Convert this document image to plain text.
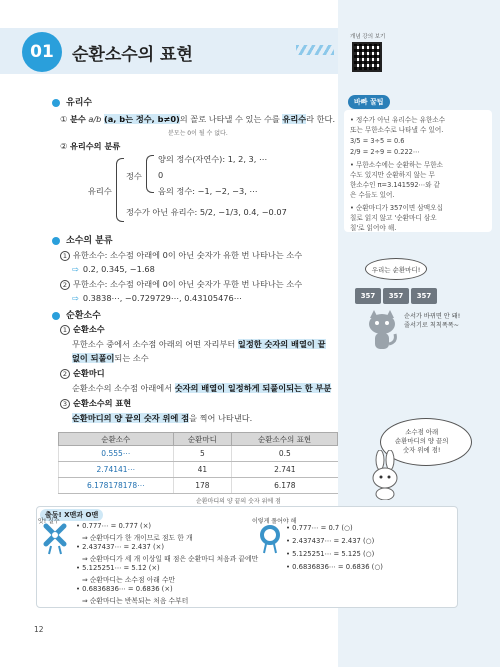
01	순환소수의 표현
개념 강의 보기
유리수
① 분수 a/b (a, b는 정수, b≠0)의 꼴로 나타낼 수 있는 수를 유리수라 한다.
분모는 0이 될 수 없다.
② 유리수의 분류
유리수
정수
양의 정수(자연수): 1, 2, 3, ⋯
0
음의 정수: −1, −2, −3, ⋯
정수가 아닌 유리수: 5/2, −1/3, 0.4, −0.07
소수의 분류
1 유한소수: 소수점 아래에 0이 아닌 숫자가 유한 번 나타나는 소수
⇨ 0.2, 0.345, −1.68
2 무한소수: 소수점 아래에 0이 아닌 숫자가 무한 번 나타나는 소수
⇨ 0.3838⋯, −0.729729⋯, 0.43105476⋯
순환소수
1 순환소수
무한소수 중에서 소수점 아래의 어떤 자리부터 일정한 숫자의 배열이 끝
없이 되풀이되는 소수
2 순환마디
순환소수의 소수점 아래에서 숫자의 배열이 일정하게 되풀이되는 한 부분
3 순환소수의 표현
순환마디의 양 끝의 숫자 위에 점을 찍어 나타낸다.
순환소수	순환마디	순환소수의 표현
0.555⋯	5	0.5̇
2.74141⋯	41	2.74̇1̇
6.178178178⋯	178	6.1̇78̇
순환마디의 양 끝의 숫자 위에 점
바빠 꿀팁
• 정수가 아닌 유리수는 유한소수
또는 무한소수로 나타낼 수 있어.
3/5 = 3÷5 = 0.6
2/9 = 2÷9 = 0.222⋯
• 무한소수에는 순환하는 무한소
수도 있지만 순환하지 않는 무
한소수인 π=3.141592⋯와 같
은 수들도 있어.
• 순환마디가 357이면 삼맥오십
칠로 읽지 않고 '순환마디 삼오
칠'로 읽어야 해.
우리는 순환마디!
357	357	357
순서가 바뀌면 안 돼!
줄서기로 칙칙폭폭~
소수점 아래
순환마디의 양 끝의
숫자 위에 점!
출동! X맨과 O맨
앗! 실수
• 0.777⋯ = 0.7̇7̇7̇ (×)
⇒ 순환마디가 한 개이므로 점도 한 개
• 2.437437⋯ = 2.4̇37̇ (×)
⇒ 순환마디가 세 개 이상일 때 점은 순환마디 처음과 끝에만
• 5.125251⋯ = 5.1̇2̇ (×)
⇒ 순환마디는 소수점 아래 수만
• 0.6836836⋯ = 0.6̇83̇6 (×)
⇒ 순환마디는 반복되는 처음 수부터
이렇게 풀어야 해
• 0.777⋯ = 0.7̇ (○)
• 2.437437⋯ = 2.4̇37̇ (○)
• 5.125251⋯ = 5.12̇5̇ (○)
• 0.6836836⋯ = 0.68̇36̇ (○)
12
